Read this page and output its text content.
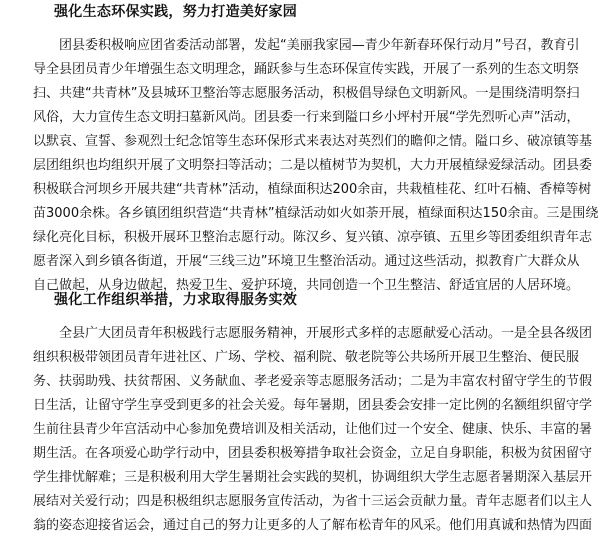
强化生态环保实践，努力打造美好家园
团县委积极响应团省委活动部署，发起“美丽我家园—青少年新春环保行动月”号召，教育引
导全县团员青少年增强生态文明理念，踊跃参与生态环保宣传实践，开展了一系列的生态文明祭
扫、共建“共青林”及县城环卫整治等志愿服务活动，积极倡导绿色文明新风。一是围绕清明祭扫
风俗，大力宣传生态文明扫墓新风尚。团县委一行来到隘口乡小坪村开展“学先烈听心声”活动，
以默哀、宣誓、参观烈士纪念馆等生态环保形式来表达对英烈们的瞻仰之情。隘口乡、破凉镇等基
层团组织也均组织开展了文明祭扫等活动；二是以植树节为契机，大力开展植绿爱绿活动。团县委
积极联合河坝乡开展共建“共青林”活动，植绿面积达200余亩，共栽植桂花、红叶石楠、香樟等树
苗3000余株。各乡镇团组织营造“共青林”植绿活动如火如荼开展，植绿面积达150余亩。三是围绕
绿化亮化目标，积极开展环卫整治志愿行动。陈汉乡、复兴镇、凉亭镇、五里乡等团委组织青年志
愿者深入到乡镇各街道，开展“三线三边”环境卫生整治活动。通过这些活动，拟教育广大群众从
自己做起，从身边做起，热爱卫生、爱护环境，共同创造一个卫生整洁、舒适宜居的人居环境。
强化工作组织举措，力求取得服务实效
全县广大团员青年积极践行志愿服务精神，开展形式多样的志愿献爱心活动。一是全县各级团
组织积极带领团员青年进社区、广场、学校、福利院、敬老院等公共场所开展卫生整治、便民服
务、扶弱助残、扶贫帮困、义务献血、孝老爱亲等志愿服务活动；二是为丰富农村留守学生的节假
日生活，让留守学生享受到更多的社会关爱。每年暑期，团县委会安排一定比例的名额组织留守学
生前往县青少年宫活动中心参加免费培训及相关活动，让他们过一个安全、健康、快乐、丰富的暑
期生活。在各项爱心助学行动中，团县委积极筹措争取社会资金，立足自身职能，积极为贫困留守
学生排忧解难；三是积极利用大学生暑期社会实践的契机，协调组织大学生志愿者暑期深入基层开
展结对关爱行动；四是积极组织志愿服务宣传活动，为省十三运会贡献力量。青年志愿者们以主人
翁的姿态迎接省运会，通过自己的努力让更多的人了解布松青年的风采。他们用真诚和热情为四面
